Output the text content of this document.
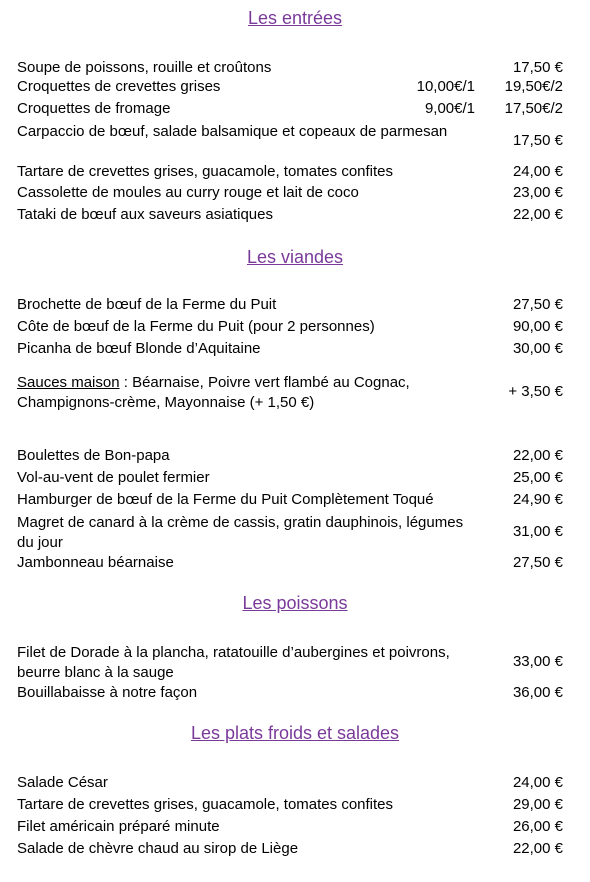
Les entrées
Soupe de poissons, rouille et croûtons	17,50 €
Croquettes de crevettes grises	10,00€/1 19,50€/2
Croquettes de fromage	9,00€/1 17,50€/2
Carpaccio de bœuf, salade balsamique et copeaux de parmesan
17,50 €
Tartare de crevettes grises, guacamole, tomates confites	24,00 €
Cassolette de moules au curry rouge et lait de coco	23,00 €
Tataki de bœuf aux saveurs asiatiques	22,00 €
Les viandes
Brochette de bœuf de la Ferme du Puit	27,50 €
Côte de bœuf de la Ferme du Puit (pour 2 personnes)	90,00 €
Picanha de bœuf Blonde d’Aquitaine	30,00 €
Sauces maison : Béarnaise, Poivre vert flambé au Cognac, Champignons-crème, Mayonnaise (+ 1,50 €)
+ 3,50 €
Boulettes de Bon-papa	22,00 €
Vol-au-vent de poulet fermier	25,00 €
Hamburger de bœuf de la Ferme du Puit Complètement Toqué	24,90 €
Magret de canard à la crème de cassis, gratin dauphinois, légumes du jour
31,00 €
Jambonneau béarnaise	27,50 €
Les poissons
Filet de Dorade à la plancha, ratatouille d’aubergines et poivrons, beurre blanc à la sauge
33,00 €
Bouillabaisse à notre façon	36,00 €
Les plats froids et salades
Salade César	24,00 €
Tartare de crevettes grises, guacamole, tomates confites	29,00 €
Filet américain préparé minute	26,00 €
Salade de chèvre chaud au sirop de Liège	22,00 €
